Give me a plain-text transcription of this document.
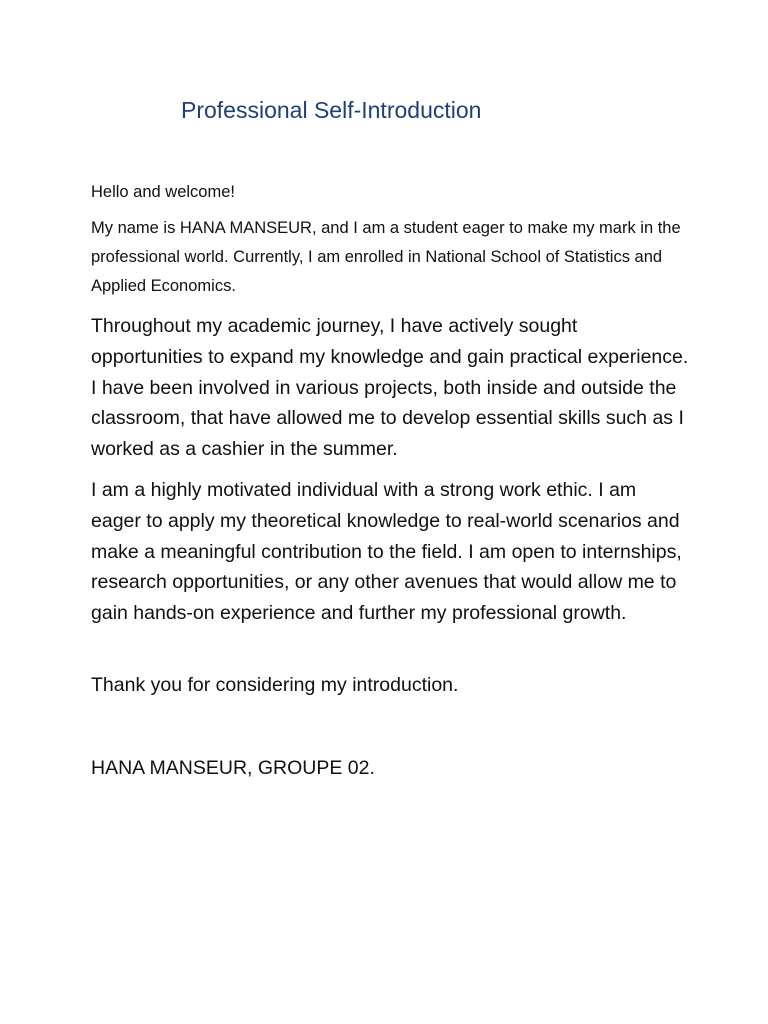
Professional Self-Introduction

Hello and welcome!

My name is HANA MANSEUR, and I am a student eager to make my mark in the professional world. Currently, I am enrolled in National School of Statistics and Applied Economics.

Throughout my academic journey, I have actively sought opportunities to expand my knowledge and gain practical experience. I have been involved in various projects, both inside and outside the classroom, that have allowed me to develop essential skills such as I worked as a cashier in the summer.

I am a highly motivated individual with a strong work ethic. I am eager to apply my theoretical knowledge to real-world scenarios and make a meaningful contribution to the field. I am open to internships, research opportunities, or any other avenues that would allow me to gain hands-on experience and further my professional growth.

Thank you for considering my introduction.

HANA MANSEUR, GROUPE 02.
